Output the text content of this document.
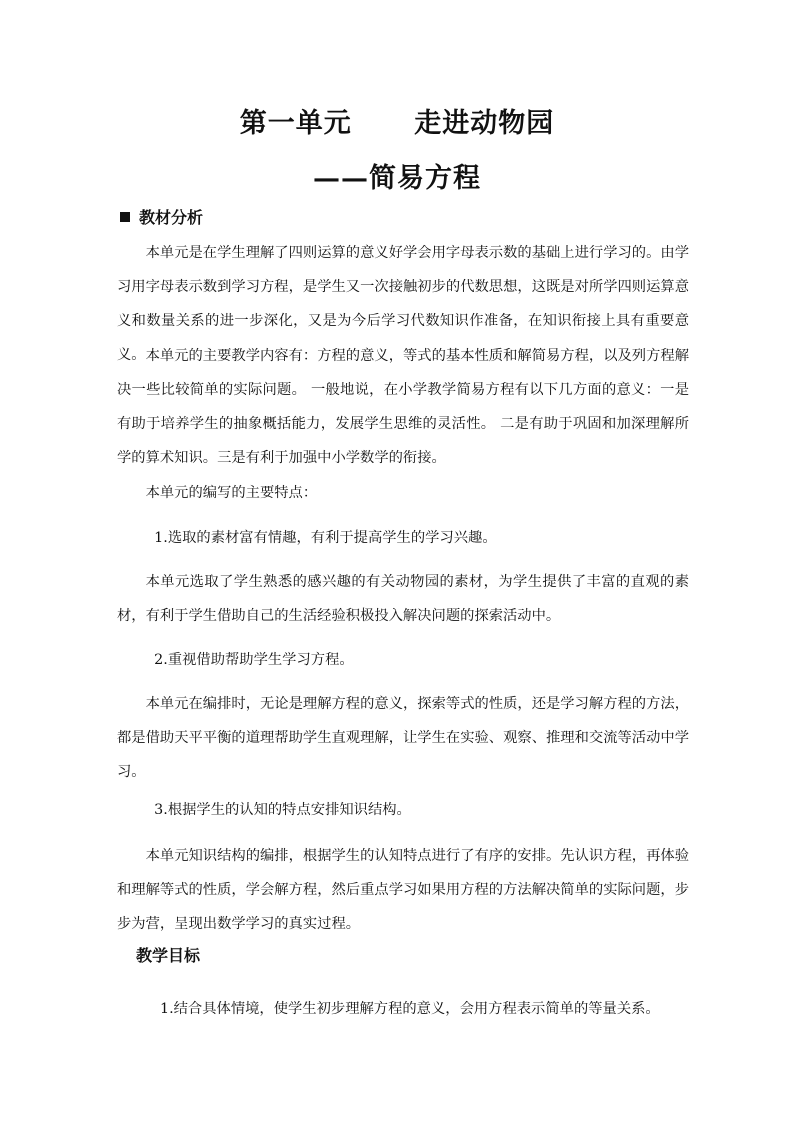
第一单元      走进动物园
——简易方程
教材分析

本单元是在学生理解了四则运算的意义好学会用字母表示数的基础上进行学习的。由学习用字母表示数到学习方程，是学生又一次接触初步的代数思想，这既是对所学四则运算意义和数量关系的进一步深化，又是为今后学习代数知识作准备，在知识衔接上具有重要意义。 本单元的主要教学内容有：方程的意义，等式的基本性质和解简易方程，以及列方程解决一些比较简单的实际问题。 一般地说，在小学教学简易方程有以下几方面的意义：一是有助于培养学生的抽象概括能力，发展学生思维的灵活性。 二是有助于巩固和加深理解所学的算术知识。三是有利于加强中小学数学的衔接。

本单元的编写的主要特点：

1.选取的素材富有情趣，有利于提高学生的学习兴趣。

本单元选取了学生熟悉的感兴趣的有关动物园的素材，为学生提供了丰富的直观的素材，有利于学生借助自己的生活经验积极投入解决问题的探索活动中。

2.重视借助帮助学生学习方程。

本单元在编排时，无论是理解方程的意义，探索等式的性质，还是学习解方程的方法，都是借助天平平衡的道理帮助学生直观理解，让学生在实验、观察、推理和交流等活动中学习。

3.根据学生的认知的特点安排知识结构。

本单元知识结构的编排，根据学生的认知特点进行了有序的安排。先认识方程，再体验和理解等式的性质，学会解方程，然后重点学习如果用方程的方法解决简单的实际问题，步步为营，呈现出数学学习的真实过程。

教学目标

1.结合具体情境，使学生初步理解方程的意义，会用方程表示简单的等量关系。
